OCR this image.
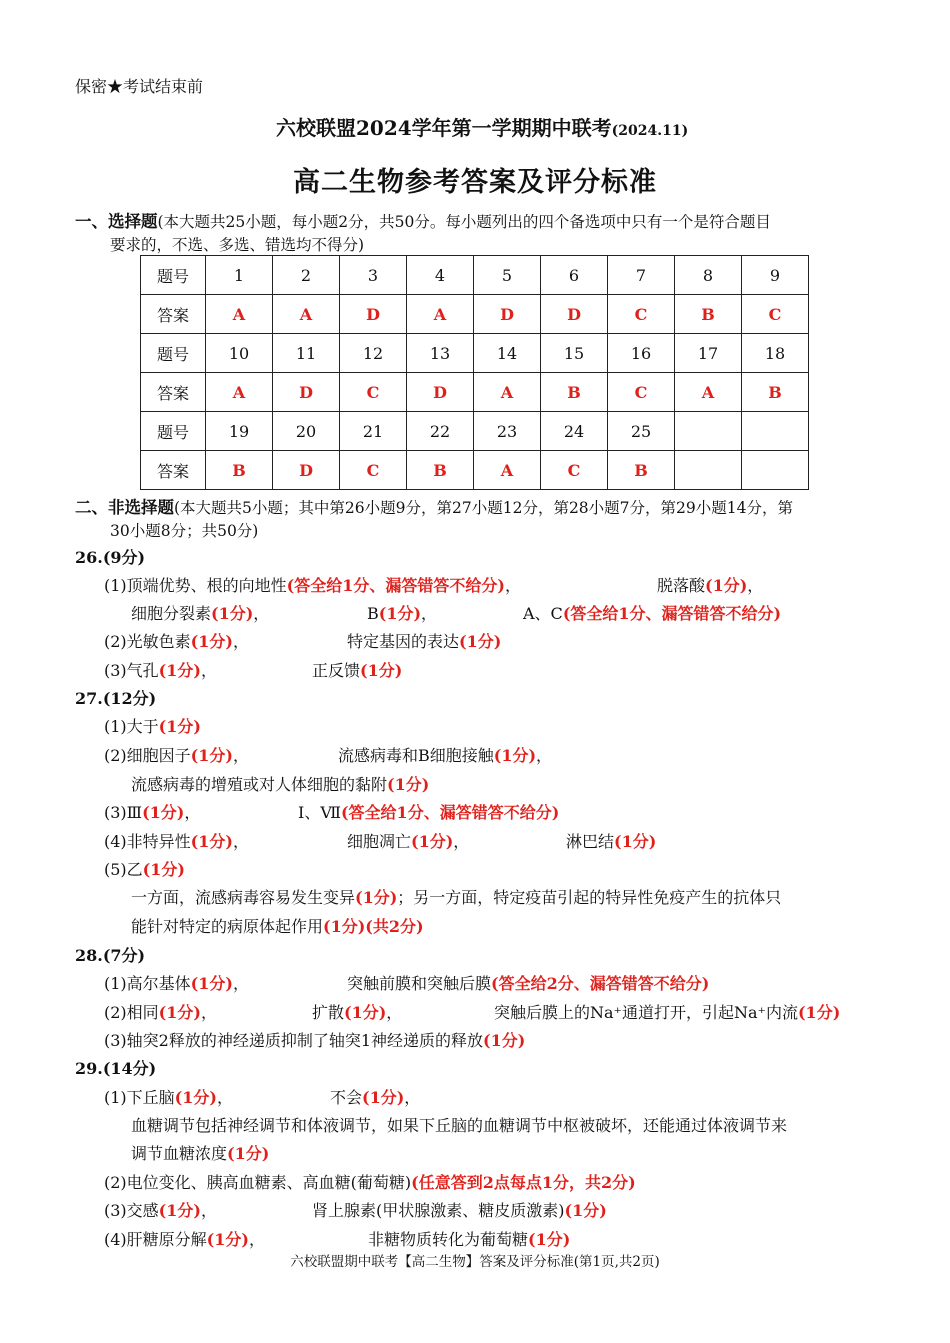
保密★考试结束前
六校联盟2024学年第一学期期中联考(2024.11)
高二生物参考答案及评分标准
一、选择题(本大题共25小题，每小题2分，共50分。每小题列出的四个备选项中只有一个是符合题目
要求的，不选、多选、错选均不得分)
题号	1	2	3	4	5	6	7	8	9
答案	A	A	D	A	D	D	C	B	C
题号	10	11	12	13	14	15	16	17	18
答案	A	D	C	D	A	B	C	A	B
题号	19	20	21	22	23	24	25		
答案	B	D	C	B	A	C	B		
二、非选择题(本大题共5小题；其中第26小题9分，第27小题12分，第28小题7分，第29小题14分，第
30小题8分；共50分)
26.(9分)
(1)顶端优势、根的向地性(答全给1分、漏答错答不给分)，	脱落酸(1分)，
细胞分裂素(1分)，	B(1分)，	A、C(答全给1分、漏答错答不给分)
(2)光敏色素(1分)，	特定基因的表达(1分)
(3)气孔(1分)，	正反馈(1分)
27.(12分)
(1)大于(1分)
(2)细胞因子(1分)，	流感病毒和B细胞接触(1分)，
流感病毒的增殖或对人体细胞的黏附(1分)
(3)Ⅲ(1分)，	Ⅰ、Ⅶ(答全给1分、漏答错答不给分)
(4)非特异性(1分)，	细胞凋亡(1分)，	淋巴结(1分)
(5)乙(1分)
一方面，流感病毒容易发生变异(1分)；另一方面，特定疫苗引起的特异性免疫产生的抗体只
能针对特定的病原体起作用(1分)(共2分)
28.(7分)
(1)高尔基体(1分)，	突触前膜和突触后膜(答全给2分、漏答错答不给分)
(2)相同(1分)，	扩散(1分)，	突触后膜上的Na⁺通道打开，引起Na⁺内流(1分)
(3)轴突2释放的神经递质抑制了轴突1神经递质的释放(1分)
29.(14分)
(1)下丘脑(1分)，	不会(1分)，
血糖调节包括神经调节和体液调节，如果下丘脑的血糖调节中枢被破坏，还能通过体液调节来
调节血糖浓度(1分)
(2)电位变化、胰高血糖素、高血糖(葡萄糖)(任意答到2点每点1分，共2分)
(3)交感(1分)，	肾上腺素(甲状腺激素、糖皮质激素)(1分)
(4)肝糖原分解(1分)，	非糖物质转化为葡萄糖(1分)
六校联盟期中联考【高二生物】答案及评分标准(第1页,共2页)
